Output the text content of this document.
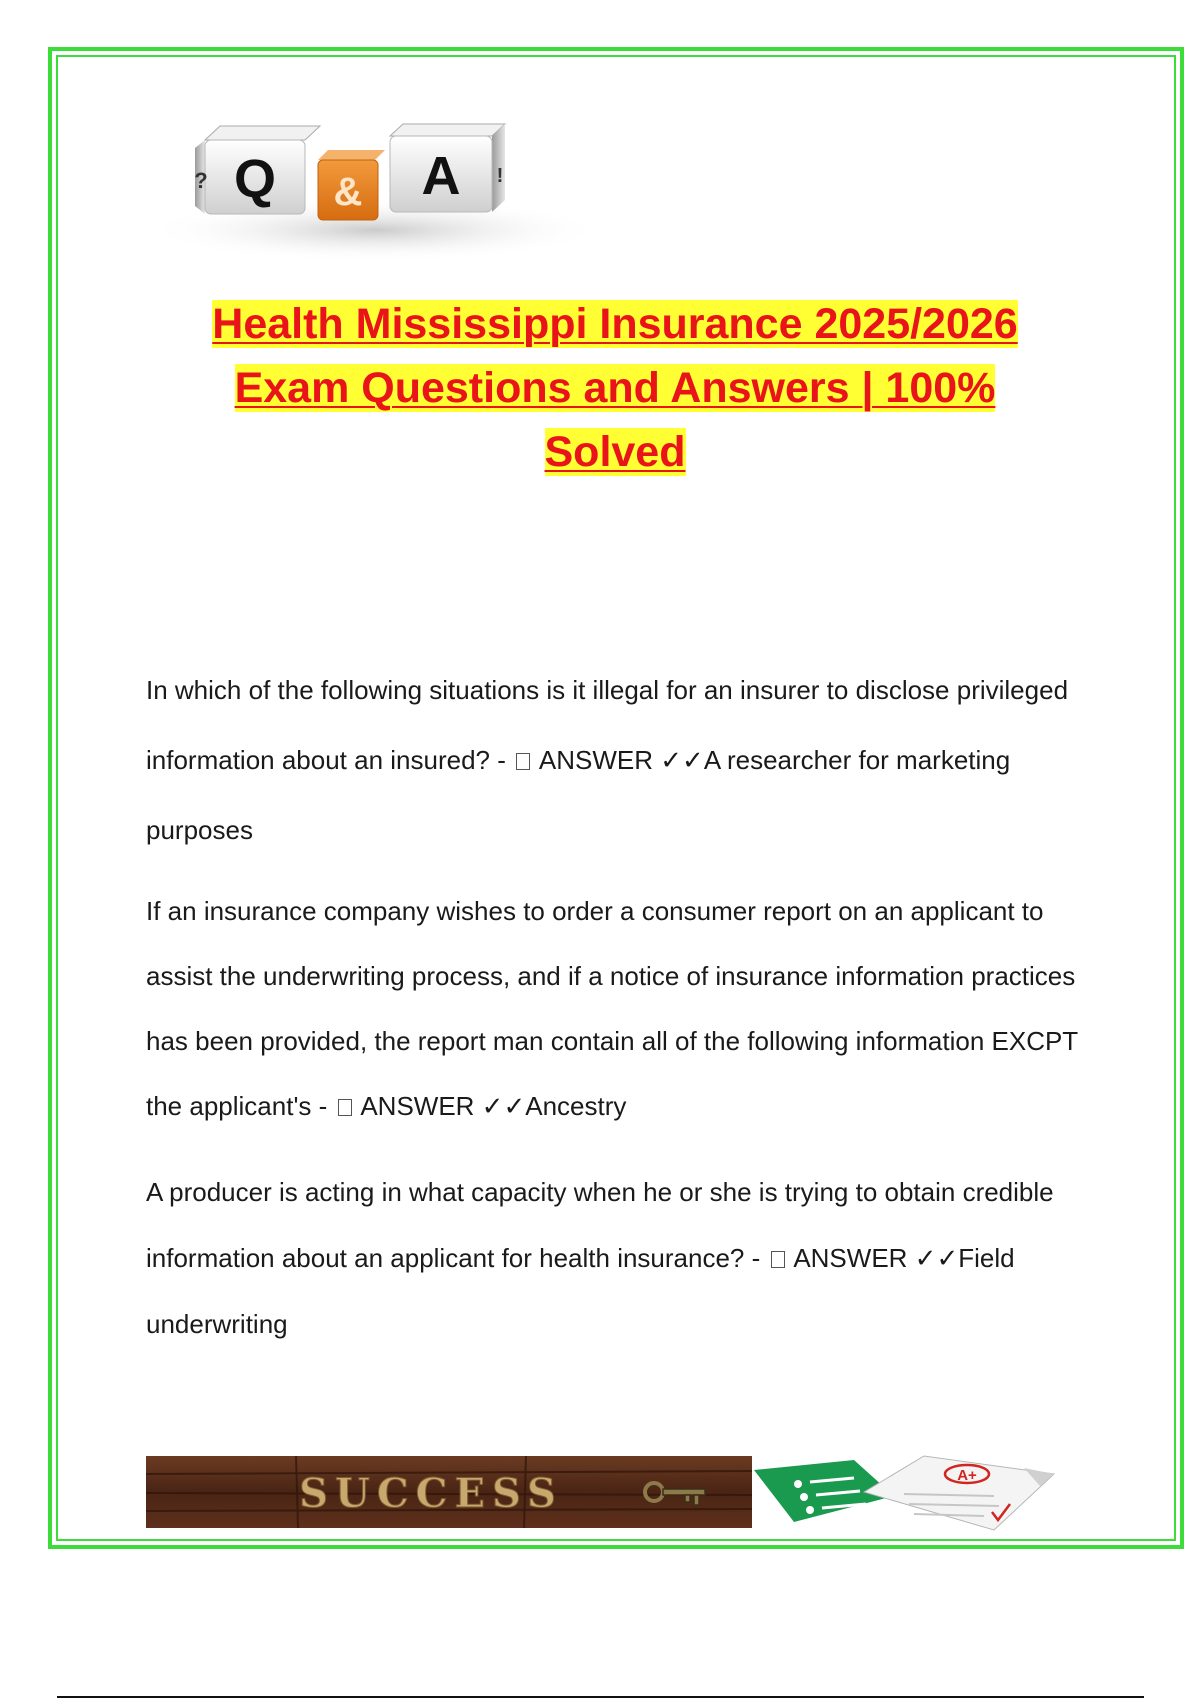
Q
?	& A !
Health Mississippi Insurance 2025/2026
Exam Questions and Answers | 100%
Solved

In which of the following situations is it illegal for an insurer to disclose privileged information about an insured? - ANSWER ✓✓A researcher for marketing purposes

If an insurance company wishes to order a consumer report on an applicant to assist the underwriting process, and if a notice of insurance information practices has been provided, the report man contain all of the following information EXCPT the applicant's - ANSWER ✓✓Ancestry

A producer is acting in what capacity when he or she is trying to obtain credible information about an applicant for health insurance? - ANSWER ✓✓Field underwriting

SUCCESS	A+
